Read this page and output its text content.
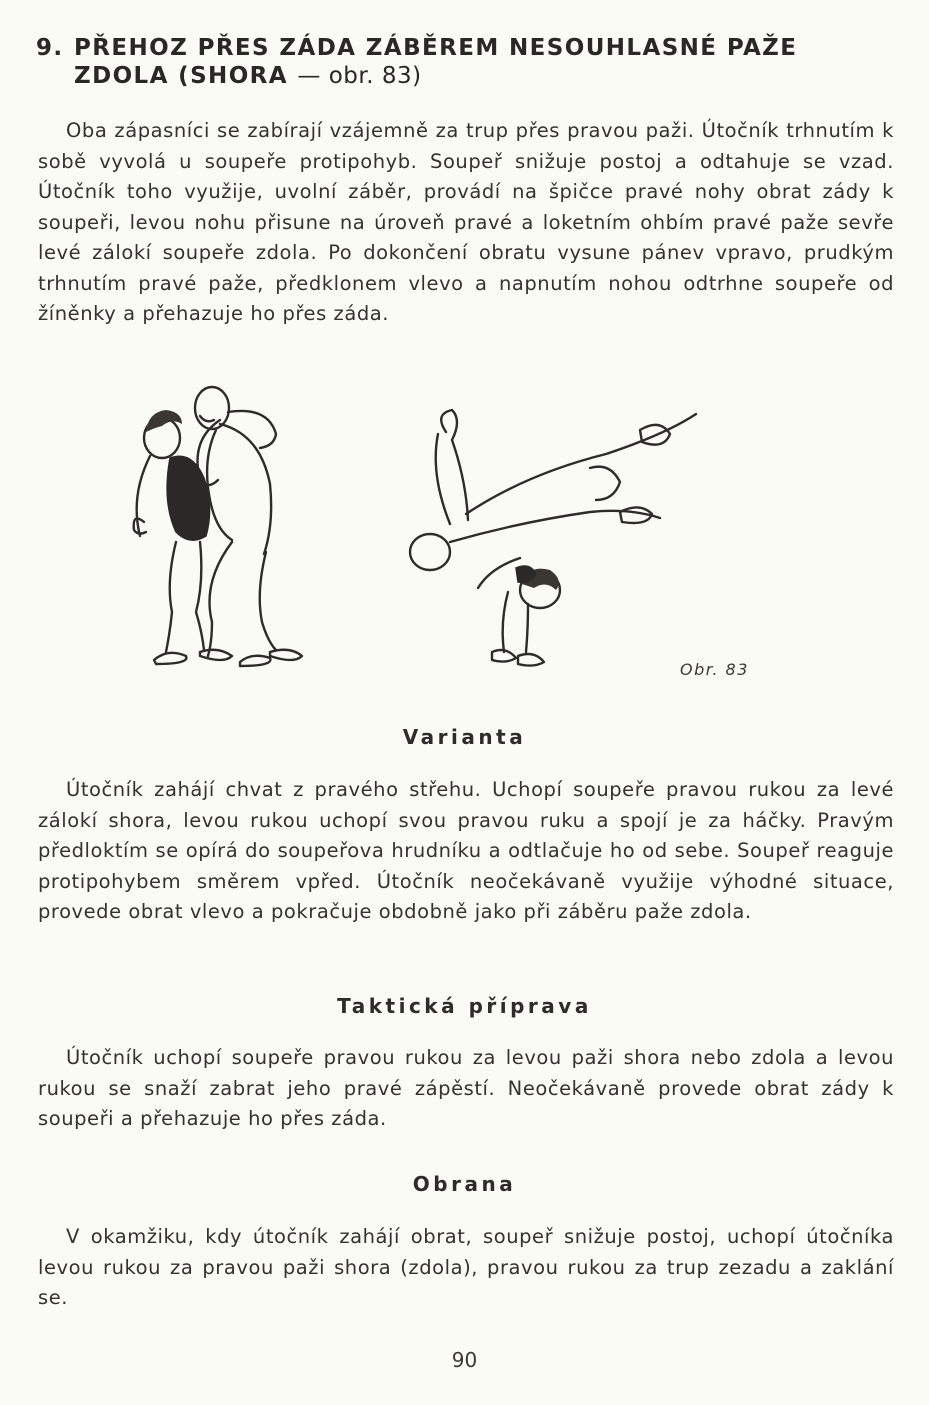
9. PŘEHOZ PŘES ZÁDA ZÁBĚREM NESOUHLASNÉ PAŽE
ZDOLA (SHORA — obr. 83)

Oba zápasníci se zabírají vzájemně za trup přes pravou paži. Útočník trhnutím k sobě vyvolá u soupeře protipohyb. Soupeř snižuje postoj a odtahuje se vzad. Útočník toho využije, uvolní záběr, provádí na špičce pravé nohy obrat zády k soupeři, levou nohu přisune na úroveň pravé a loketním ohbím pravé paže sevře levé zálokí soupeře zdola. Po dokončení obratu vysune pánev vpravo, prudkým trhnutím pravé paže, předklonem vlevo a napnutím nohou odtrhne soupeře od žíněnky a přehazuje ho přes záda.

Obr. 83
Varianta

Útočník zahájí chvat z pravého střehu. Uchopí soupeře pravou rukou za levé zálokí shora, levou rukou uchopí svou pravou ruku a spojí je za háčky. Pravým předloktím se opírá do soupeřova hrudníku a odtlačuje ho od sebe. Soupeř reaguje protipohybem směrem vpřed. Útočník neočekávaně využije výhodné situace, provede obrat vlevo a pokračuje obdobně jako při záběru paže zdola.

Taktická příprava

Útočník uchopí soupeře pravou rukou za levou paži shora nebo zdola a levou rukou se snaží zabrat jeho pravé zápěstí. Neočekávaně provede obrat zády k soupeři a přehazuje ho přes záda.

Obrana

V okamžiku, kdy útočník zahájí obrat, soupeř snižuje postoj, uchopí útočníka levou rukou za pravou paži shora (zdola), pravou rukou za trup zezadu a zaklání se.

90
